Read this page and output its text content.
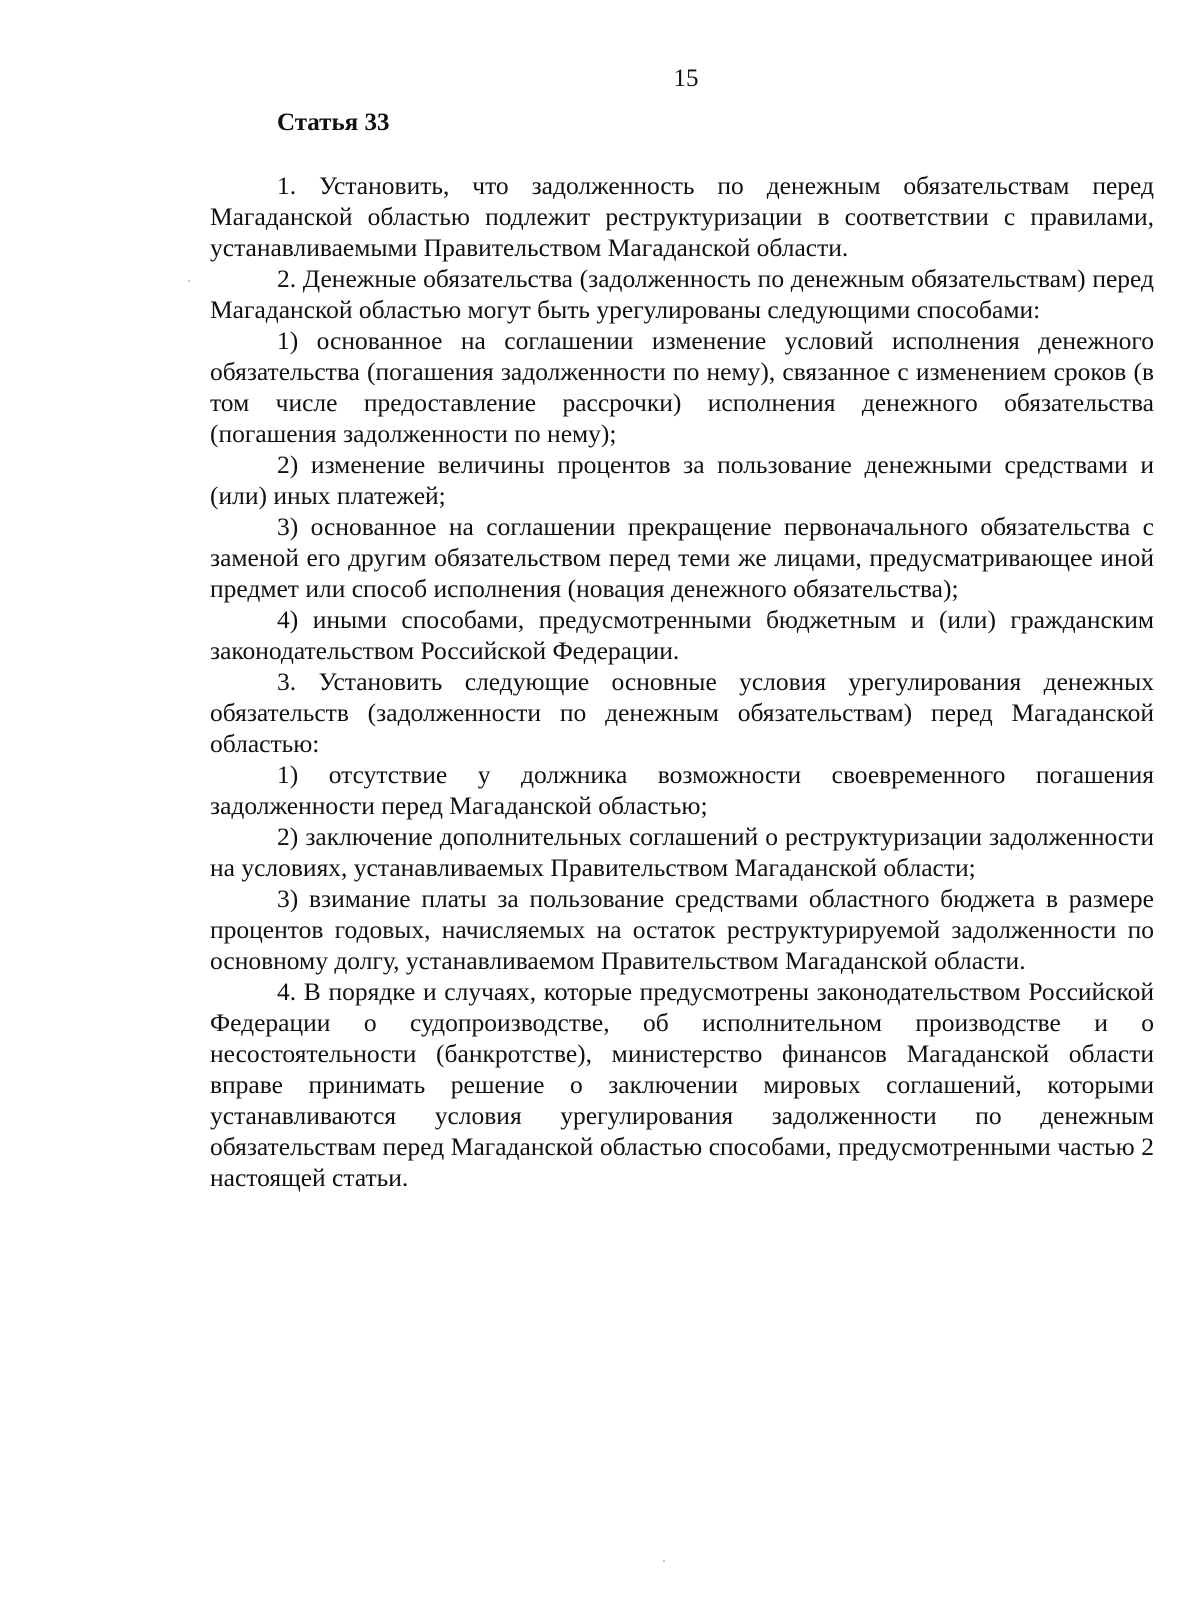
15
Статья 33

1. Установить, что задолженность по денежным обязательствам перед Магаданской областью подлежит реструктуризации в соответствии с правилами, устанавливаемыми Правительством Магаданской области.

2. Денежные обязательства (задолженность по денежным обязательствам) перед Магаданской областью могут быть урегулированы следующими способами:

1) основанное на соглашении изменение условий исполнения денежного обязательства (погашения задолженности по нему), связанное с изменением сроков (в том числе предоставление рассрочки) исполнения денежного обязательства (погашения задолженности по нему);

2) изменение величины процентов за пользование денежными средствами и (или) иных платежей;

3) основанное на соглашении прекращение первоначального обязательства с заменой его другим обязательством перед теми же лицами, предусматривающее иной предмет или способ исполнения (новация денежного обязательства);

4) иными способами, предусмотренными бюджетным и (или) гражданским законодательством Российской Федерации.

3. Установить следующие основные условия урегулирования денежных обязательств (задолженности по денежным обязательствам) перед Магаданской областью:

1) отсутствие у должника возможности своевременного погашения задолженности перед Магаданской областью;

2) заключение дополнительных соглашений о реструктуризации задолженности на условиях, устанавливаемых Правительством Магаданской области;

3) взимание платы за пользование средствами областного бюджета в размере процентов годовых, начисляемых на остаток реструктурируемой задолженности по основному долгу, устанавливаемом Правительством Магаданской области.

4. В порядке и случаях, которые предусмотрены законодательством Российской Федерации о судопроизводстве, об исполнительном производстве и о несостоятельности (банкротстве), министерство финансов Магаданской области вправе принимать решение о заключении мировых соглашений, которыми устанавливаются условия урегулирования задолженности по денежным обязательствам перед Магаданской областью способами, предусмотренными частью 2 настоящей статьи.
